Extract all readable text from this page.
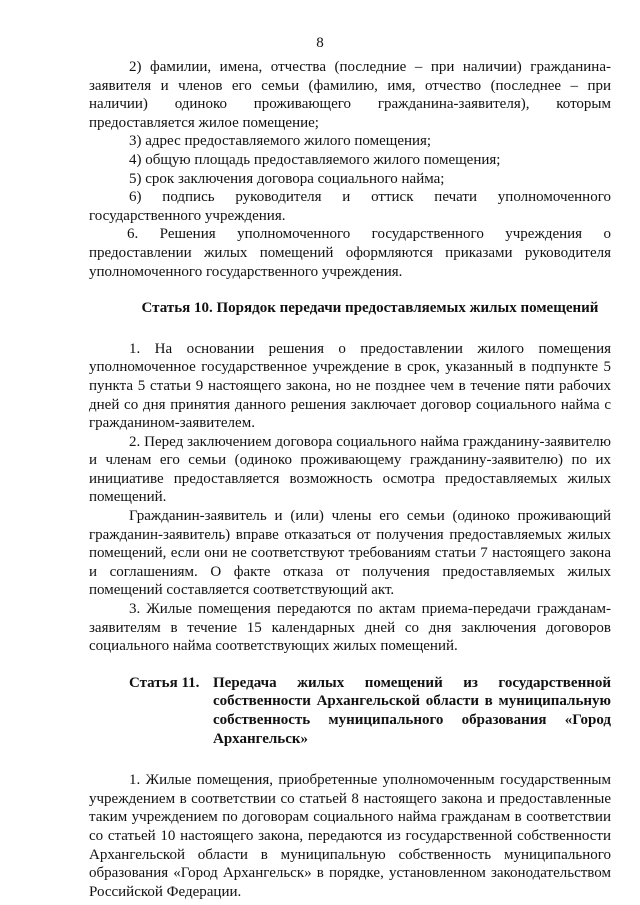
8

2) фамилии, имена, отчества (последние – при наличии) гражданина-заявителя и членов его семьи (фамилию, имя, отчество (последнее – при наличии) одиноко проживающего гражданина-заявителя), которым предоставляется жилое помещение;

3) адрес предоставляемого жилого помещения;

4) общую площадь предоставляемого жилого помещения;

5) срок заключения договора социального найма;

6) подпись руководителя и оттиск печати уполномоченного государственного учреждения.

6. Решения уполномоченного государственного учреждения о предоставлении жилых помещений оформляются приказами руководителя уполномоченного государственного учреждения.

Статья 10. Порядок передачи предоставляемых жилых помещений

1. На основании решения о предоставлении жилого помещения уполномоченное государственное учреждение в срок, указанный в подпункте 5 пункта 5 статьи 9 настоящего закона, но не позднее чем в течение пяти рабочих дней со дня принятия данного решения заключает договор социального найма с гражданином-заявителем.

2. Перед заключением договора социального найма гражданину-заявителю и членам его семьи (одиноко проживающему гражданину-заявителю) по их инициативе предоставляется возможность осмотра предоставляемых жилых помещений.

Гражданин-заявитель и (или) члены его семьи (одиноко проживающий гражданин-заявитель) вправе отказаться от получения предоставляемых жилых помещений, если они не соответствуют требованиям статьи 7 настоящего закона и соглашениям. О факте отказа от получения предоставляемых жилых помещений составляется соответствующий акт.

3. Жилые помещения передаются по актам приема-передачи гражданам-заявителям в течение 15 календарных дней со дня заключения договоров социального найма соответствующих жилых помещений.

Статья 11. Передача жилых помещений из государственной собственности Архангельской области в муниципальную собственность муниципального образования «Город Архангельск»

1. Жилые помещения, приобретенные уполномоченным государственным учреждением в соответствии со статьей 8 настоящего закона и предоставленные таким учреждением по договорам социального найма гражданам в соответствии со статьей 10 настоящего закона, передаются из государственной собственности Архангельской области в муниципальную собственность муниципального образования «Город Архангельск» в порядке, установленном законодательством Российской Федерации.
